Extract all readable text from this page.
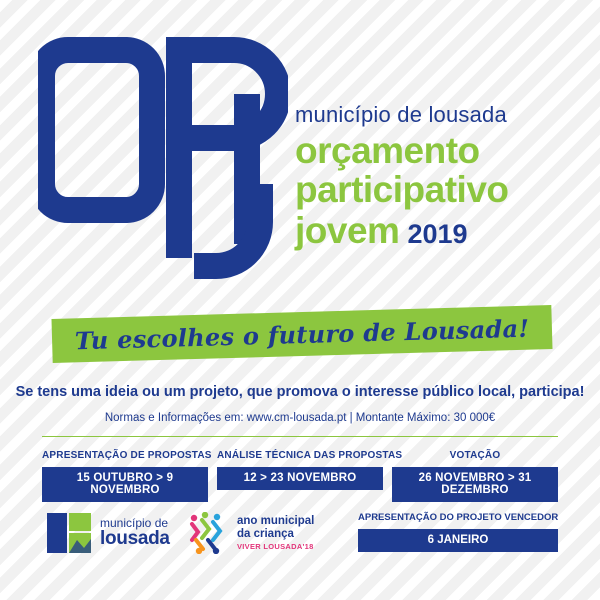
município de lousada
orçamento
participativo
jovem 2019
Tu escolhes o futuro de Lousada!
Se tens uma ideia ou um projeto, que promova o interesse público local, participa!
Normas e Informações em: www.cm-lousada.pt | Montante Máximo: 30 000€
APRESENTAÇÃO DE PROPOSTAS
15 OUTUBRO > 9 NOVEMBRO
ANÁLISE TÉCNICA DAS PROPOSTAS
12 > 23 NOVEMBRO
VOTAÇÃO
26 NOVEMBRO > 31 DEZEMBRO
APRESENTAÇÃO DO PROJETO VENCEDOR
6 JANEIRO
município de
lousada
ano municipal
da criança
VIVER LOUSADA'18
